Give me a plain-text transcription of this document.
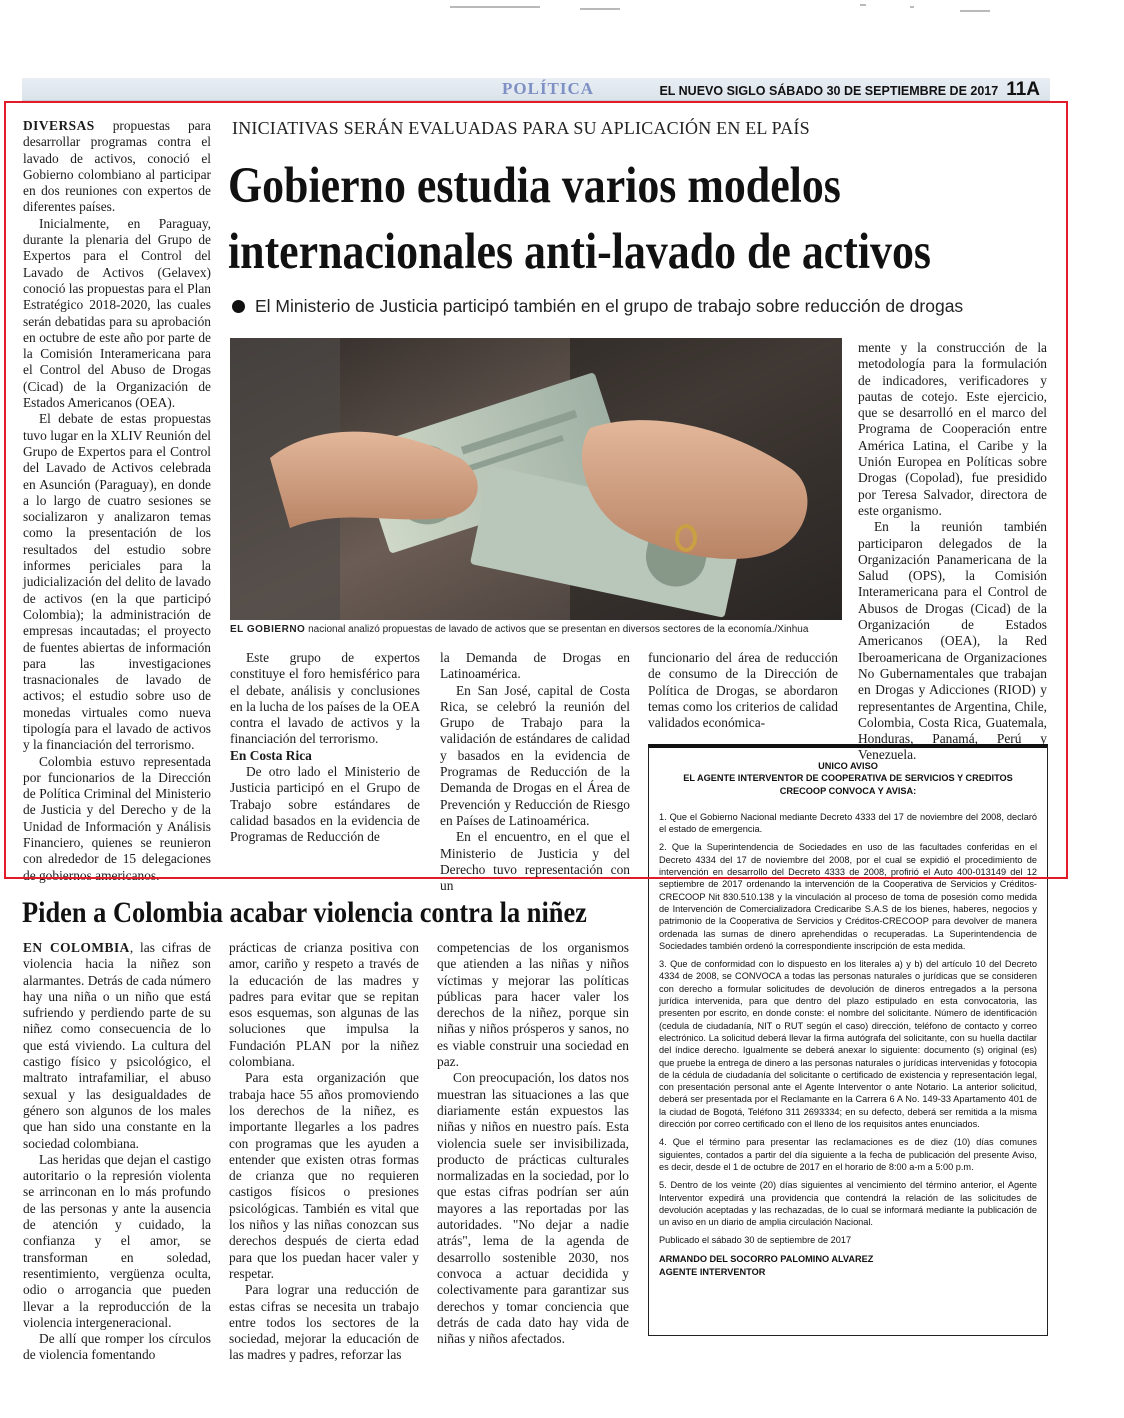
POLÍTICA	EL NUEVO SIGLO SÁBADO 30 DE SEPTIEMBRE DE 2017 11A
INICIATIVAS SERÁN EVALUADAS PARA SU APLICACIÓN EN EL PAÍS
Gobierno estudia varios modelos
internacionales anti-lavado de activos
El Ministerio de Justicia participó también en el grupo de trabajo sobre reducción de drogas

DIVERSAS propuestas para desarrollar programas contra el lavado de activos, conoció el Gobierno colombiano al participar en dos reuniones con expertos de diferentes países.

Inicialmente, en Paraguay, durante la plenaria del Grupo de Expertos para el Control del Lavado de Activos (Gelavex) conoció las propuestas para el Plan Estratégico 2018-2020, las cuales serán debatidas para su aprobación en octubre de este año por parte de la Comisión Interamericana para el Control del Abuso de Drogas (Cicad) de la Organización de Estados Americanos (OEA).

El debate de estas propuestas tuvo lugar en la XLIV Reunión del Grupo de Expertos para el Control del Lavado de Activos celebrada en Asunción (Paraguay), en donde a lo largo de cuatro sesiones se socializaron y analizaron temas como la presentación de los resultados del estudio sobre informes periciales para la judicialización del delito de lavado de activos (en la que participó Colombia); la administración de empresas incautadas; el proyecto de fuentes abiertas de información para las investigaciones trasnacionales de lavado de activos; el estudio sobre uso de monedas virtuales como nueva tipología para el lavado de activos y la financiación del terrorismo.

Colombia estuvo representada por funcionarios de la Dirección de Política Criminal del Ministerio de Justicia y del Derecho y de la Unidad de Información y Análisis Financiero, quienes se reunieron con alrededor de 15 delegaciones de gobiernos americanos.

EL GOBIERNO nacional analizó propuestas de lavado de activos que se presentan en diversos sectores de la economía./Xinhua

Este grupo de expertos constituye el foro hemisférico para el debate, análisis y conclusiones en la lucha de los países de la OEA contra el lavado de activos y la financiación del terrorismo.

En Costa Rica

De otro lado el Ministerio de Justicia participó en el Grupo de Trabajo sobre estándares de calidad basados en la evidencia de Programas de Reducción de

la Demanda de Drogas en Latinoamérica.

En San José, capital de Costa Rica, se celebró la reunión del Grupo de Trabajo para la validación de estándares de calidad y basados en la evidencia de Programas de Reducción de la Demanda de Drogas en el Área de Prevención y Reducción de Riesgo en Países de Latinoamérica.

En el encuentro, en el que el Ministerio de Justicia y del Derecho tuvo representación con un

funcionario del área de reducción de consumo de la Dirección de Política de Drogas, se abordaron temas como los criterios de calidad validados económica-

mente y la construcción de la metodología para la formulación de indicadores, verificadores y pautas de cotejo. Este ejercicio, que se desarrolló en el marco del Programa de Cooperación entre América Latina, el Caribe y la Unión Europea en Políticas sobre Drogas (Copolad), fue presidido por Teresa Salvador, directora de este organismo.

En la reunión también participaron delegados de la Organización Panamericana de la Salud (OPS), la Comisión Interamericana para el Control de Abusos de Drogas (Cicad) de la Organización de Estados Americanos (OEA), la Red Iberoamericana de Organizaciones No Gubernamentales que trabajan en Drogas y Adicciones (RIOD) y representantes de Argentina, Chile, Colombia, Costa Rica, Guatemala, Honduras, Panamá, Perú y Venezuela.

UNICO AVISO
EL AGENTE INTERVENTOR DE COOPERATIVA DE SERVICIOS Y CREDITOS CRECOOP CONVOCA Y AVISA:

1. Que el Gobierno Nacional mediante Decreto 4333 del 17 de noviembre del 2008, declaró el estado de emergencia.

2. Que la Superintendencia de Sociedades en uso de las facultades conferidas en el Decreto 4334 del 17 de noviembre del 2008, por el cual se expidió el procedimiento de intervención en desarrollo del Decreto 4333 de 2008, profirió el Auto 400-013149 del 12 septiembre de 2017 ordenando la intervención de la Cooperativa de Servicios y Créditos-CRECOOP Nit 830.510.138 y la vinculación al proceso de toma de posesión como medida de Intervención de Comercializadora Credicaribe S.A.S de los bienes, haberes, negocios y patrimonio de la Cooperativa de Servicios y Créditos-CRECOOP para devolver de manera ordenada las sumas de dinero aprehendidas o recuperadas. La Superintendencia de Sociedades también ordenó la correspondiente inscripción de esta medida.

3. Que de conformidad con lo dispuesto en los literales a) y b) del artículo 10 del Decreto 4334 de 2008, se CONVOCA a todas las personas naturales o jurídicas que se consideren con derecho a formular solicitudes de devolución de dineros entregados a la persona jurídica intervenida, para que dentro del plazo estipulado en esta convocatoria, las presenten por escrito, en donde conste: el nombre del solicitante. Número de identificación (cedula de ciudadanía, NIT o RUT según el caso) dirección, teléfono de contacto y correo electrónico. La solicitud deberá llevar la firma autógrafa del solicitante, con su huella dactilar del índice derecho. Igualmente se deberá anexar lo siguiente: documento (s) original (es) que pruebe la entrega de dinero a las personas naturales o jurídicas intervenidas y fotocopia de la cédula de ciudadanía del solicitante o certificado de existencia y representación legal, con presentación personal ante el Agente Interventor o ante Notario. La anterior solicitud, deberá ser presentada por el Reclamante en la Carrera 6 A No. 149-33 Apartamento 401 de la ciudad de Bogotá, Teléfono 311 2693334; en su defecto, deberá ser remitida a la misma dirección por correo certificado con el lleno de los requisitos antes enunciados.

4. Que el término para presentar las reclamaciones es de diez (10) días comunes siguientes, contados a partir del día siguiente a la fecha de publicación del presente Aviso, es decir, desde el 1 de octubre de 2017 en el horario de 8:00 a-m a 5:00 p.m.

5. Dentro de los veinte (20) días siguientes al vencimiento del término anterior, el Agente Interventor expedirá una providencia que contendrá la relación de las solicitudes de devolución aceptadas y las rechazadas, de lo cual se informará mediante la publicación de un aviso en un diario de amplia circulación Nacional.

Publicado el sábado 30 de septiembre de 2017

ARMANDO DEL SOCORRO PALOMINO ALVAREZ

AGENTE INTERVENTOR

Piden a Colombia acabar violencia contra la niñez

EN COLOMBIA, las cifras de violencia hacia la niñez son alarmantes. Detrás de cada número hay una niña o un niño que está sufriendo y perdiendo parte de su niñez como consecuencia de lo que está viviendo. La cultura del castigo físico y psicológico, el maltrato intrafamiliar, el abuso sexual y las desigualdades de género son algunos de los males que han sido una constante en la sociedad colombiana.

Las heridas que dejan el castigo autoritario o la represión violenta se arrinconan en lo más profundo de las personas y ante la ausencia de atención y cuidado, la confianza y el amor, se transforman en soledad, resentimiento, vergüenza oculta, odio o arrogancia que pueden llevar a la reproducción de la violencia intergeneracional.

De allí que romper los círculos de violencia fomentando

prácticas de crianza positiva con amor, cariño y respeto a través de la educación de las madres y padres para evitar que se repitan esos esquemas, son algunas de las soluciones que impulsa la Fundación PLAN por la niñez colombiana.

Para esta organización que trabaja hace 55 años promoviendo los derechos de la niñez, es importante llegarles a los padres con programas que les ayuden a entender que existen otras formas de crianza que no requieren castigos físicos o presiones psicológicas. También es vital que los niños y las niñas conozcan sus derechos después de cierta edad para que los puedan hacer valer y respetar.

Para lograr una reducción de estas cifras se necesita un trabajo entre todos los sectores de la sociedad, mejorar la educación de las madres y padres, reforzar las

competencias de los organismos que atienden a las niñas y niños víctimas y mejorar las políticas públicas para hacer valer los derechos de la niñez, porque sin niñas y niños prósperos y sanos, no es viable construir una sociedad en paz.

Con preocupación, los datos nos muestran las situaciones a las que diariamente están expuestos las niñas y niños en nuestro país. Esta violencia suele ser invisibilizada, producto de prácticas culturales normalizadas en la sociedad, por lo que estas cifras podrían ser aún mayores a las reportadas por las autoridades. "No dejar a nadie atrás", lema de la agenda de desarrollo sostenible 2030, nos convoca a actuar decidida y colectivamente para garantizar sus derechos y tomar conciencia que detrás de cada dato hay vida de niñas y niños afectados.
